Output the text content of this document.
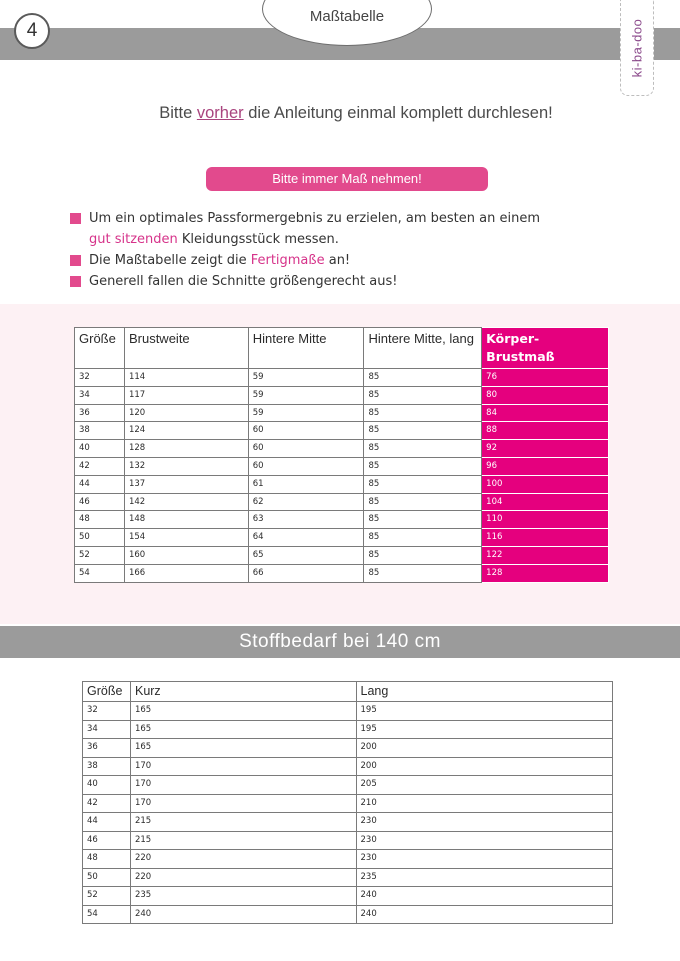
Maßtabelle
4	ki-ba-doo
Bitte vorher die Anleitung einmal komplett durchlesen!
Bitte immer Maß nehmen!
Um ein optimales Passformergebnis zu erzielen, am besten an einem
gut sitzenden Kleidungsstück messen.
Die Maßtabelle zeigt die Fertigmaße an!
Generell fallen die Schnitte größengerecht aus!
Größe	Brustweite	Hintere Mitte	Hintere Mitte, lang	Körper-Brustmaß
32	114	59	85	76
34	117	59	85	80
36	120	59	85	84
38	124	60	85	88
40	128	60	85	92
42	132	60	85	96
44	137	61	85	100
46	142	62	85	104
48	148	63	85	110
50	154	64	85	116
52	160	65	85	122
54	166	66	85	128
Stoffbedarf bei 140 cm
Größe	Kurz	Lang
32	165	195
34	165	195
36	165	200
38	170	200
40	170	205
42	170	210
44	215	230
46	215	230
48	220	230
50	220	235
52	235	240
54	240	240
